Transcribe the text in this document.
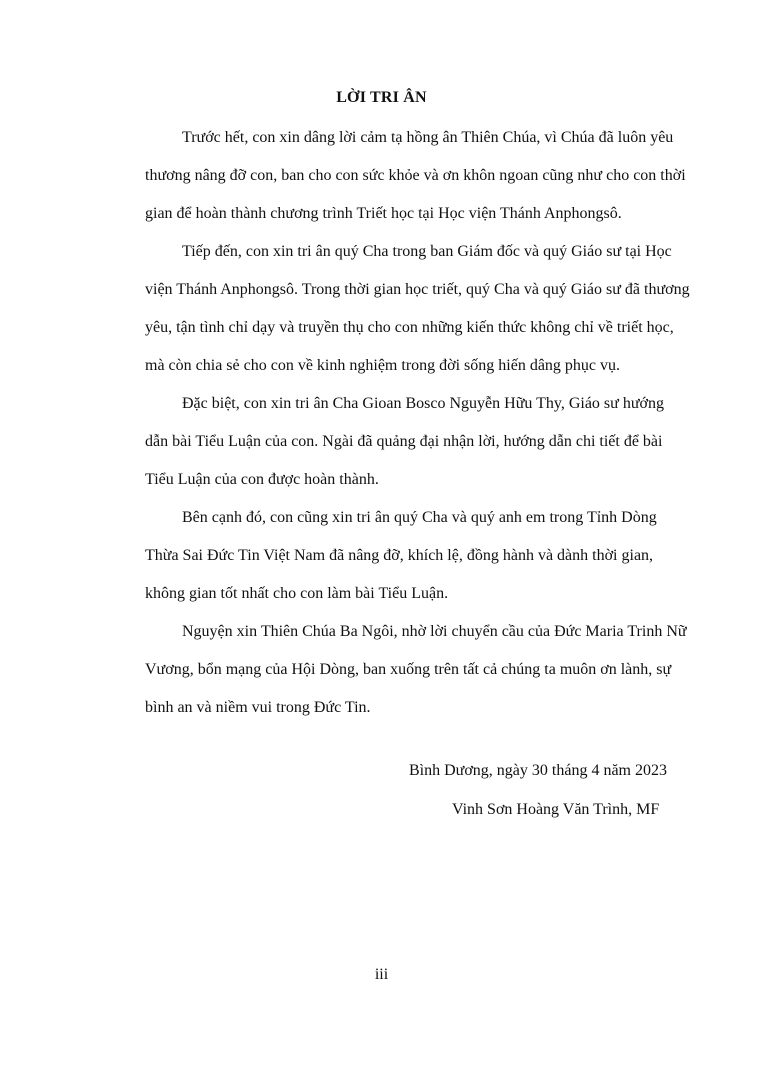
LỜI TRI ÂN
Trước hết, con xin dâng lời cảm tạ hồng ân Thiên Chúa, vì Chúa đã luôn yêu
thương nâng đỡ con, ban cho con sức khỏe và ơn khôn ngoan cũng như cho con thời
gian để hoàn thành chương trình Triết học tại Học viện Thánh Anphongsô.
Tiếp đến, con xin tri ân quý Cha trong ban Giám đốc và quý Giáo sư tại Học
viện Thánh Anphongsô. Trong thời gian học triết, quý Cha và quý Giáo sư đã thương
yêu, tận tình chỉ dạy và truyền thụ cho con những kiến thức không chỉ về triết học,
mà còn chia sẻ cho con về kinh nghiệm trong đời sống hiến dâng phục vụ.
Đặc biệt, con xin tri ân Cha Gioan Bosco Nguyễn Hữu Thy, Giáo sư hướng
dẫn bài Tiểu Luận của con. Ngài đã quảng đại nhận lời, hướng dẫn chi tiết để bài
Tiểu Luận của con được hoàn thành.
Bên cạnh đó, con cũng xin tri ân quý Cha và quý anh em trong Tỉnh Dòng
Thừa Sai Đức Tin Việt Nam đã nâng đỡ, khích lệ, đồng hành và dành thời gian,
không gian tốt nhất cho con làm bài Tiểu Luận.
Nguyện xin Thiên Chúa Ba Ngôi, nhờ lời chuyển cầu của Đức Maria Trinh Nữ
Vương, bổn mạng của Hội Dòng, ban xuống trên tất cả chúng ta muôn ơn lành, sự
bình an và niềm vui trong Đức Tin.
Bình Dương, ngày 30 tháng 4 năm 2023
Vinh Sơn Hoàng Văn Trình, MF
iii
